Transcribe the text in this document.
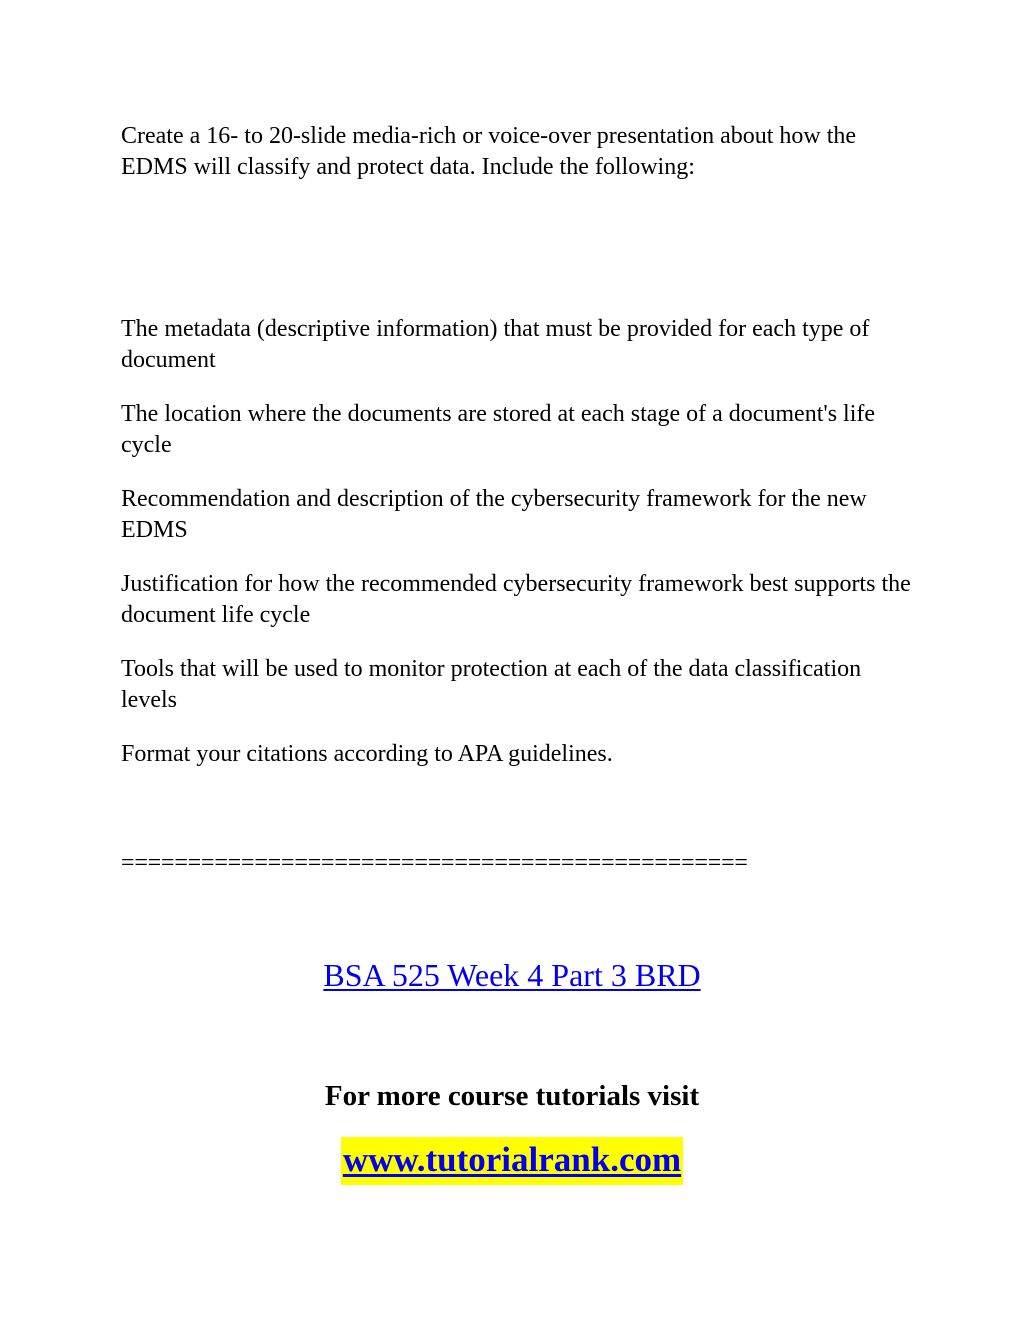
Create a 16- to 20-slide media-rich or voice-over presentation about how the EDMS will classify and protect data. Include the following:

The metadata (descriptive information) that must be provided for each type of document

The location where the documents are stored at each stage of a document's life cycle

Recommendation and description of the cybersecurity framework for the new EDMS

Justification for how the recommended cybersecurity framework best supports the document life cycle

Tools that will be used to monitor protection at each of the data classification levels

Format your citations according to APA guidelines.

===============================================
BSA 525 Week 4 Part 3 BRD
For more course tutorials visit
www.tutorialrank.com
